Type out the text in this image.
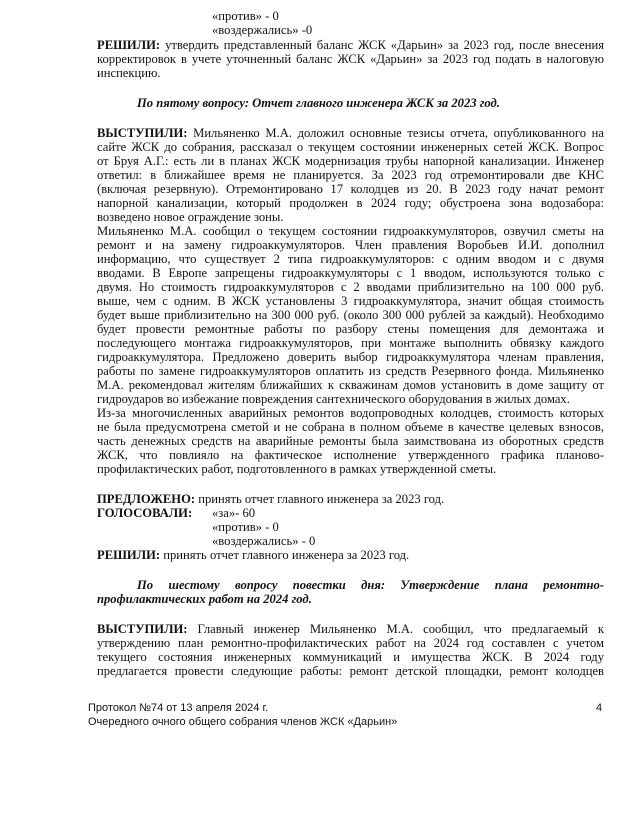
«против» - 0
«воздержались» -0
РЕШИЛИ: утвердить представленный баланс ЖСК «Дарьин» за 2023 год, после внесения
корректировок в учете уточненный баланс ЖСК «Дарьин» за 2023 год подать в налоговую
инспекцию.
По пятому вопросу: Отчет главного инженера ЖСК за 2023 год.
ВЫСТУПИЛИ: Мильяненко М.А. доложил основные тезисы отчета, опубликованного на
сайте ЖСК до собрания, рассказал о текущем состоянии инженерных сетей ЖСК. Вопрос
от Бруя А.Г.: есть ли в планах ЖСК модернизация трубы напорной канализации. Инженер
ответил: в ближайшее время не планируется. За 2023 год отремонтировали две КНС
(включая резервную). Отремонтировано 17 колодцев из 20. В 2023 году начат ремонт
напорной канализации, который продолжен в 2024 году; обустроена зона водозабора:
возведено новое ограждение зоны.
Мильяненко М.А. сообщил о текущем состоянии гидроаккумуляторов, озвучил сметы на
ремонт и на замену гидроаккумуляторов. Член правления Воробьев И.И. дополнил
информацию, что существует 2 типа гидроаккумуляторов: с одним вводом и с двумя
вводами. В Европе запрещены гидроаккумуляторы с 1 вводом, используются только с
двумя. Но стоимость гидроаккумуляторов с 2 вводами приблизительно на 100 000 руб.
выше, чем с одним. В ЖСК установлены 3 гидроаккумулятора, значит общая стоимость
будет выше приблизительно на 300 000 руб. (около 300 000 рублей за каждый). Необходимо
будет провести ремонтные работы по разбору стены помещения для демонтажа и
последующего монтажа гидроаккумуляторов, при монтаже выполнить обвязку каждого
гидроаккумулятора. Предложено доверить выбор гидроаккумулятора членам правления,
работы по замене гидроаккумуляторов оплатить из средств Резервного фонда. Мильяненко
М.А. рекомендовал жителям ближайших к скважинам домов установить в доме защиту от
гидроударов во избежание повреждения сантехнического оборудования в жилых домах.
Из-за многочисленных аварийных ремонтов водопроводных колодцев, стоимость которых
не была предусмотрена сметой и не собрана в полном объеме в качестве целевых взносов,
часть денежных средств на аварийные ремонты была заимствована из оборотных средств
ЖСК, что повлияло на фактическое исполнение утвержденного графика планово-
профилактических работ, подготовленного в рамках утвержденной сметы.
ПРЕДЛОЖЕНО: принять отчет главного инженера за 2023 год.
ГОЛОСОВАЛИ: «за»- 60
«против» - 0
«воздержались» - 0
РЕШИЛИ: принять отчет главного инженера за 2023 год.
По шестому вопросу повестки дня: Утверждение плана ремонтно-
профилактических работ на 2024 год.
ВЫСТУПИЛИ: Главный инженер Мильяненко М.А. сообщил, что предлагаемый к
утверждению план ремонтно-профилактических работ на 2024 год составлен с учетом
текущего состояния инженерных коммуникаций и имущества ЖСК. В 2024 году
предлагается провести следующие работы: ремонт детской площадки, ремонт колодцев
Протокол №74 от 13 апреля 2024 г.
Очередного очного общего собрания членов ЖСК «Дарьин»
4
